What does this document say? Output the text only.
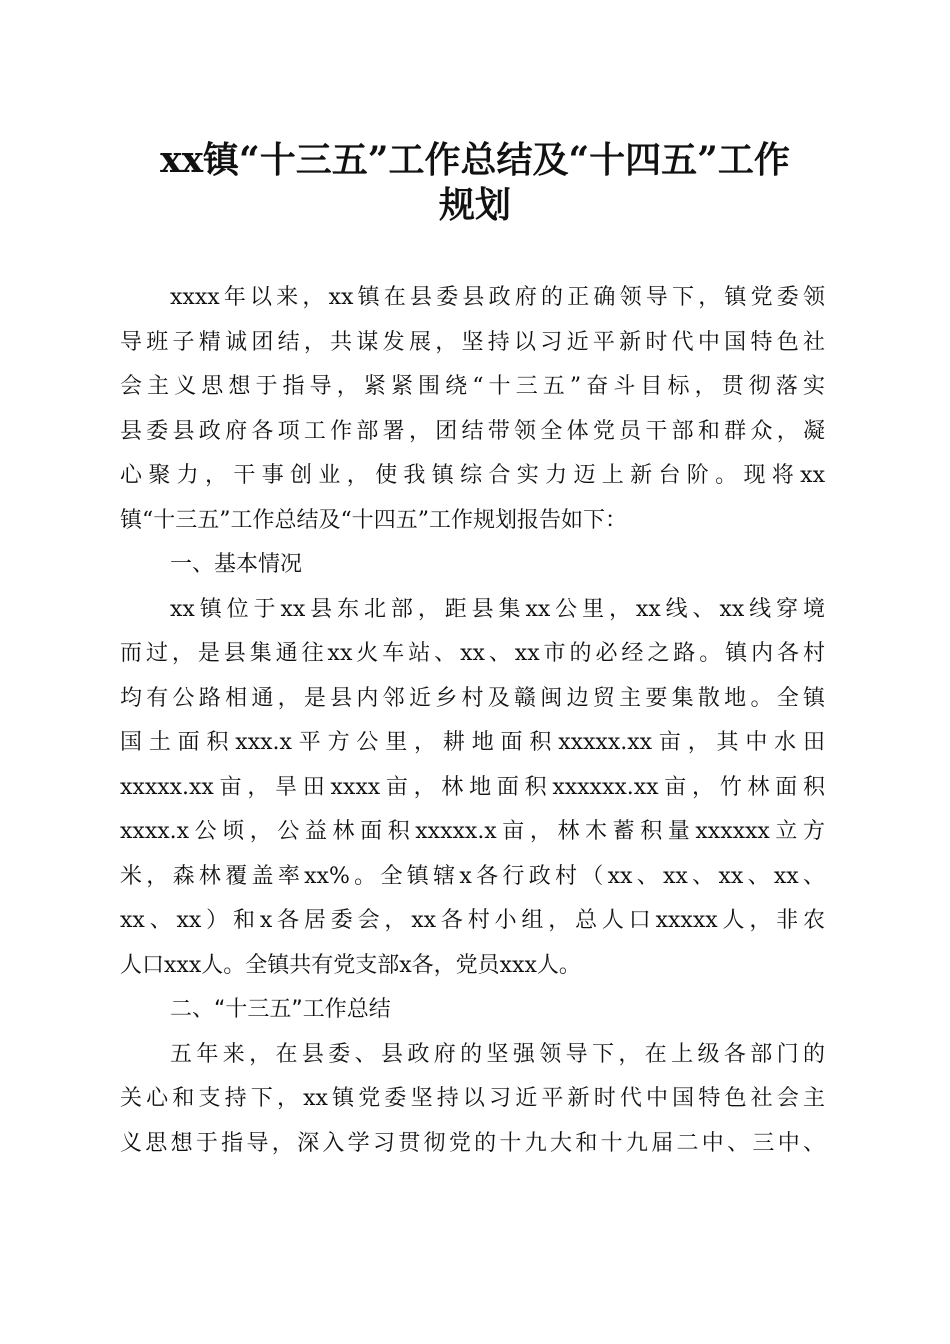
xx镇“十三五”工作总结及“十四五”工作
规划
xxxx年以来，xx镇在县委县政府的正确领导下，镇党委领
导班子精诚团结，共谋发展，坚持以习近平新时代中国特色社
会主义思想于指导，紧紧围绕“十三五”奋斗目标，贯彻落实
县委县政府各项工作部署，团结带领全体党员干部和群众，凝
心聚力，干事创业，使我镇综合实力迈上新台阶。现将xx
镇“十三五”工作总结及“十四五”工作规划报告如下：
一、基本情况
xx镇位于xx县东北部，距县集xx公里，xx线、xx线穿境
而过，是县集通往xx火车站、xx、xx市的必经之路。镇内各村
均有公路相通，是县内邻近乡村及赣闽边贸主要集散地。全镇
国土面积xxx.x平方公里，耕地面积xxxxx.xx亩，其中水田
xxxxx.xx亩，旱田xxxx亩，林地面积xxxxxx.xx亩，竹林面积
xxxx.x公顷，公益林面积xxxxx.x亩，林木蓄积量xxxxxx立方
米，森林覆盖率xx%。全镇辖x各行政村（xx、xx、xx、xx、
xx、xx）和x各居委会，xx各村小组，总人口xxxxx人，非农
人口xxx人。全镇共有党支部x各，党员xxx人。
二、“十三五”工作总结
五年来，在县委、县政府的坚强领导下，在上级各部门的
关心和支持下，xx镇党委坚持以习近平新时代中国特色社会主
义思想于指导，深入学习贯彻党的十九大和十九届二中、三中、
